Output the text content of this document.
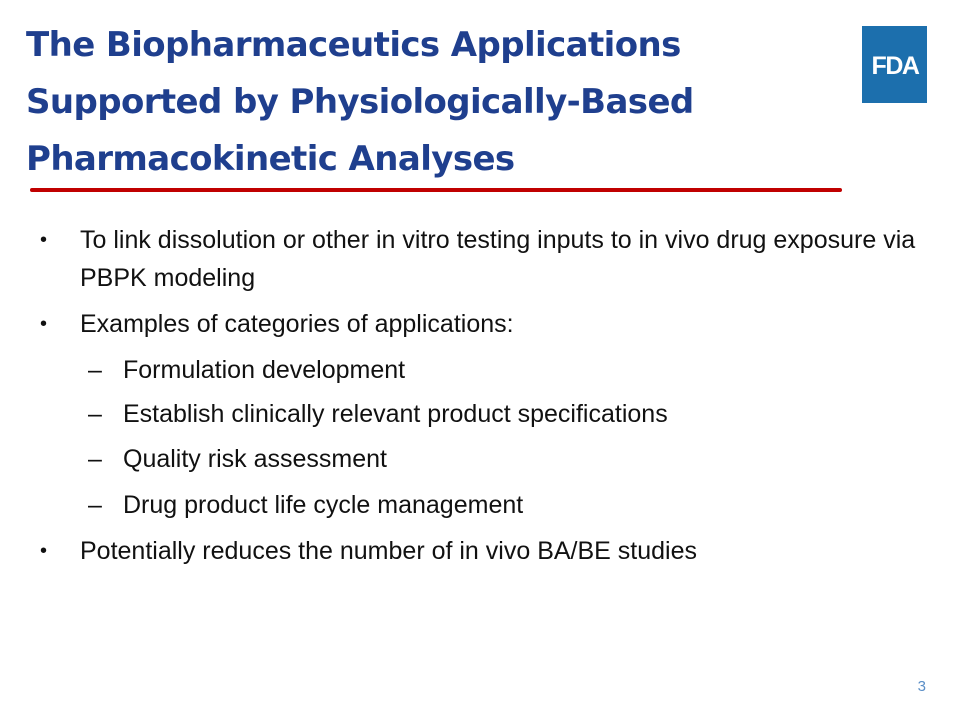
The Biopharmaceutics Applications
Supported by Physiologically-Based
Pharmacokinetic Analyses
FDA
•	To link dissolution or other in vitro testing inputs to in vivo drug exposure via PBPK modeling
•	Examples of categories of applications:
– Formulation development
– Establish clinically relevant product specifications
– Quality risk assessment
– Drug product life cycle management
•	Potentially reduces the number of in vivo BA/BE studies
3
